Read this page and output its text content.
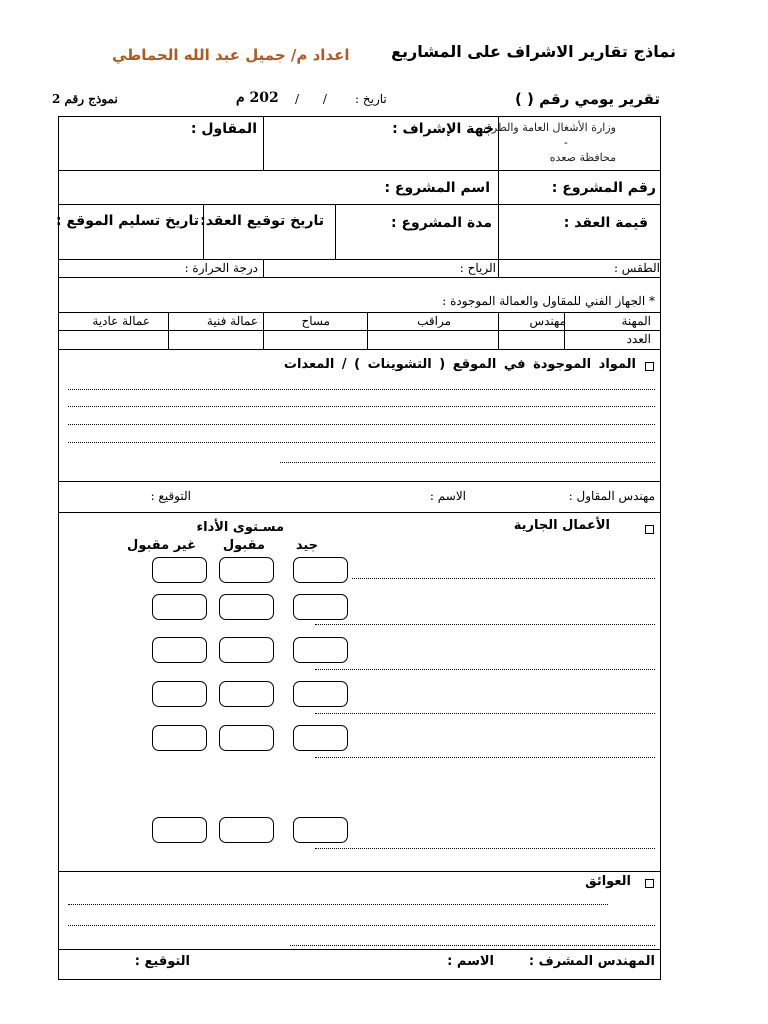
نماذج تقارير الاشراف على المشاريع
اعداد م/ جميل عبد الله الحماطي
تقرير يومي رقم ( )
تاريخ :
/ /
202 م
نموذج رقم 2
وزارة الأشغال العامة والطرق
-
محافظة صعده
جهة الإشراف :
المقاول :
رقم المشروع :
اسم المشروع :
قيمة العقد :
مدة المشروع :
تاريخ توقيع العقد:
تاريخ تسليم الموقع :
الطقس :
الرياح :
درجة الحرارة :
* الجهاز الفني للمقاول والعمالة الموجودة :
المهنة
العدد
مهندس
مراقب
مساح
عمالة فنية
عمالة عادية
المواد الموجودة في الموقع ( التشوينات ) / المعدات
مهندس المقاول :
الاسم :
التوقيع :
الأعمال الجارية
مسـتوى الأداء
جيد
مقبول
غير مقبول
العوائق
المهندس المشرف :
الاسم :
التوقيع :
